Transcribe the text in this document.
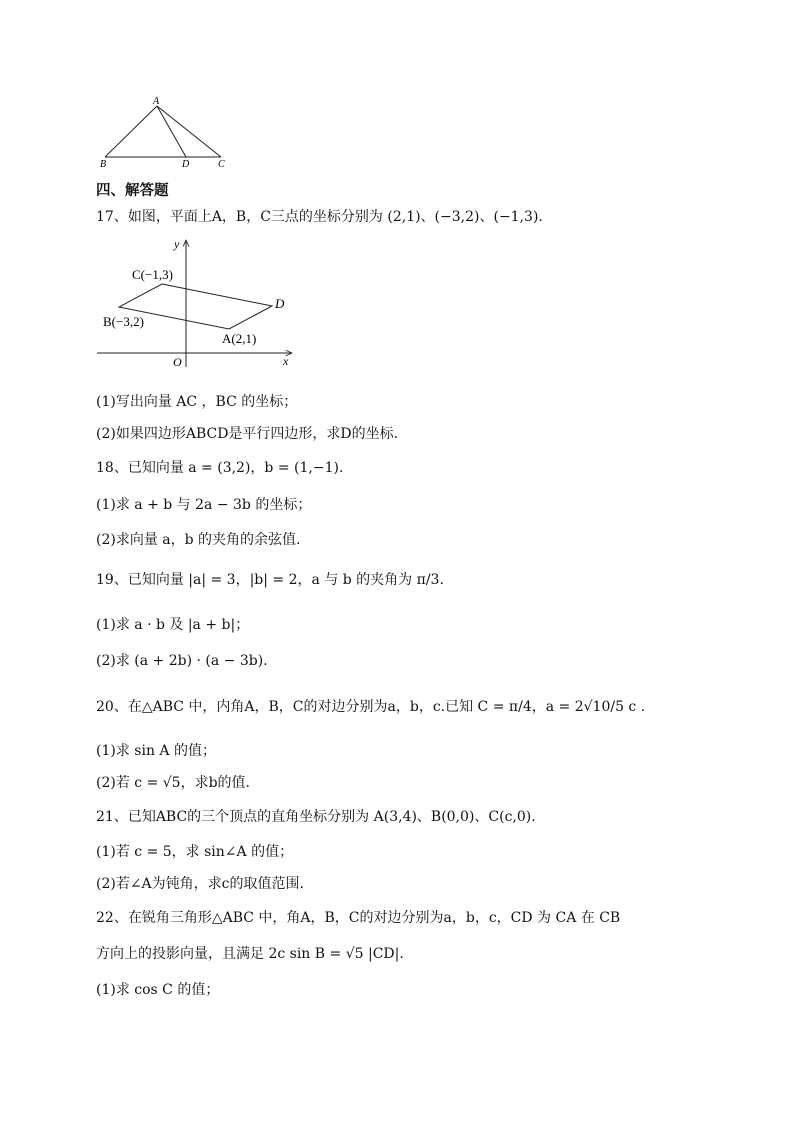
A
B	D	C
四、解答题
17、如图，平面上A，B，C三点的坐标分别为 (2,1)、(−3,2)、(−1,3).
y
x
O
C(−1,3)
B(−3,2)
A(2,1)
D
(1)写出向量 AC ，BC 的坐标；
(2)如果四边形ABCD是平行四边形，求D的坐标.
18、已知向量 a = (3,2)，b = (1,−1).
(1)求 a + b 与 2a − 3b 的坐标；
(2)求向量 a，b 的夹角的余弦值.
19、已知向量 |a| = 3，|b| = 2，a 与 b 的夹角为 π/3.
(1)求 a · b 及 |a + b|；
(2)求 (a + 2b) · (a − 3b).
20、在△ABC 中，内角A，B，C的对边分别为a，b，c.已知 C = π/4，a = 2√10/5 c .
(1)求 sin A 的值；
(2)若 c = √5，求b的值.
21、已知ABC的三个顶点的直角坐标分别为 A(3,4)、B(0,0)、C(c,0).
(1)若 c = 5，求 sin∠A 的值；
(2)若∠A为钝角，求c的取值范围.
22、在锐角三角形△ABC 中，角A，B，C的对边分别为a，b，c，CD 为 CA 在 CB
方向上的投影向量，且满足 2c sin B = √5 |CD|.
(1)求 cos C 的值；
